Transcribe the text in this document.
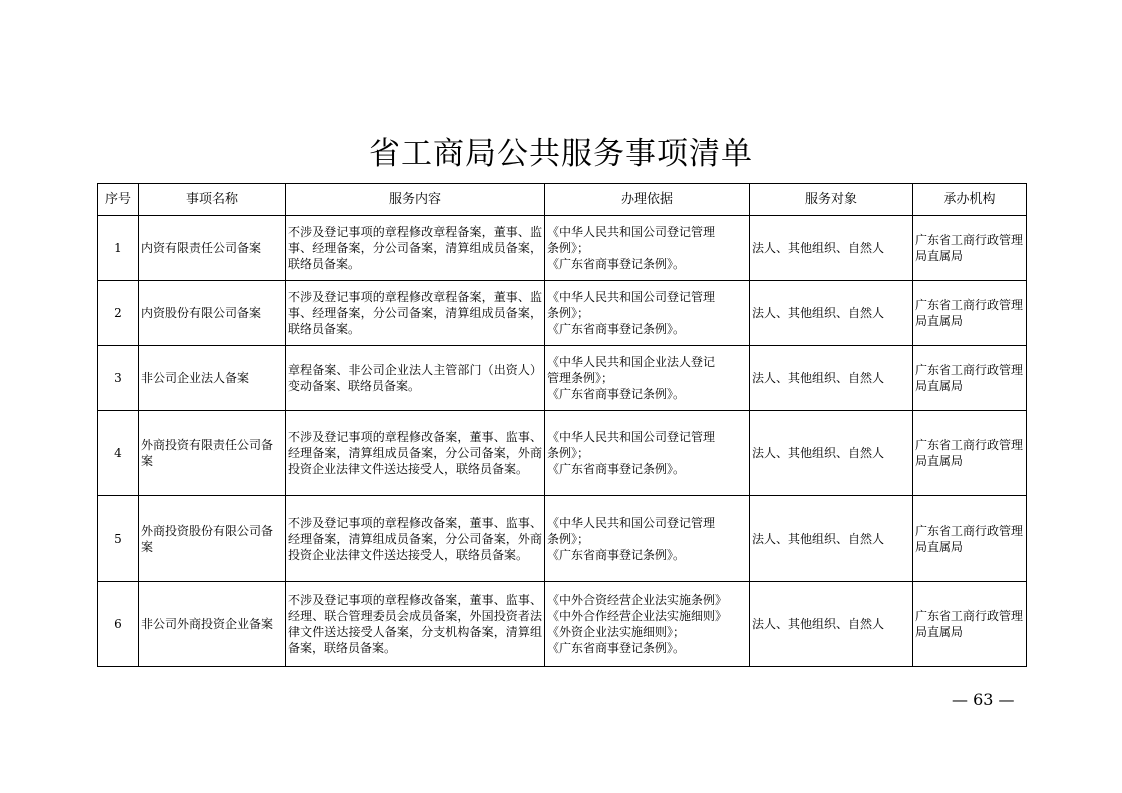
省工商局公共服务事项清单
序号	事项名称	服务内容	办理依据	服务对象	承办机构
1	内资有限责任公司备案	不涉及登记事项的章程修改章程备案，董事、监事、经理备案，分公司备案，清算组成员备案，联络员备案。	《中华人民共和国公司登记管理
条例》；
《广东省商事登记条例》。	法人、其他组织、自然人	广东省工商行政管理局直属局
2	内资股份有限公司备案	不涉及登记事项的章程修改章程备案，董事、监事、经理备案，分公司备案，清算组成员备案，联络员备案。	《中华人民共和国公司登记管理
条例》；
《广东省商事登记条例》。	法人、其他组织、自然人	广东省工商行政管理局直属局
3	非公司企业法人备案	章程备案、非公司企业法人主管部门（出资人）变动备案、联络员备案。	《中华人民共和国企业法人登记
管理条例》；
《广东省商事登记条例》。	法人、其他组织、自然人	广东省工商行政管理局直属局
4	外商投资有限责任公司备案	不涉及登记事项的章程修改备案，董事、监事、经理备案，清算组成员备案，分公司备案，外商投资企业法律文件送达接受人，联络员备案。	《中华人民共和国公司登记管理
条例》；
《广东省商事登记条例》。	法人、其他组织、自然人	广东省工商行政管理局直属局
5	外商投资股份有限公司备案	不涉及登记事项的章程修改备案，董事、监事、经理备案，清算组成员备案，分公司备案，外商投资企业法律文件送达接受人，联络员备案。	《中华人民共和国公司登记管理
条例》；
《广东省商事登记条例》。	法人、其他组织、自然人	广东省工商行政管理局直属局
6	非公司外商投资企业备案	不涉及登记事项的章程修改备案，董事、监事、 经理、联合管理委员会成员备案，外国投资者法律文件送达接受人备案，分支机构备案，清算组备案，联络员备案。	《中外合资经营企业法实施条例》
《中外合作经营企业法实施细则》
《外资企业法实施细则》；
《广东省商事登记条例》。	法人、其他组织、自然人	广东省工商行政管理局直属局
— 63 —
